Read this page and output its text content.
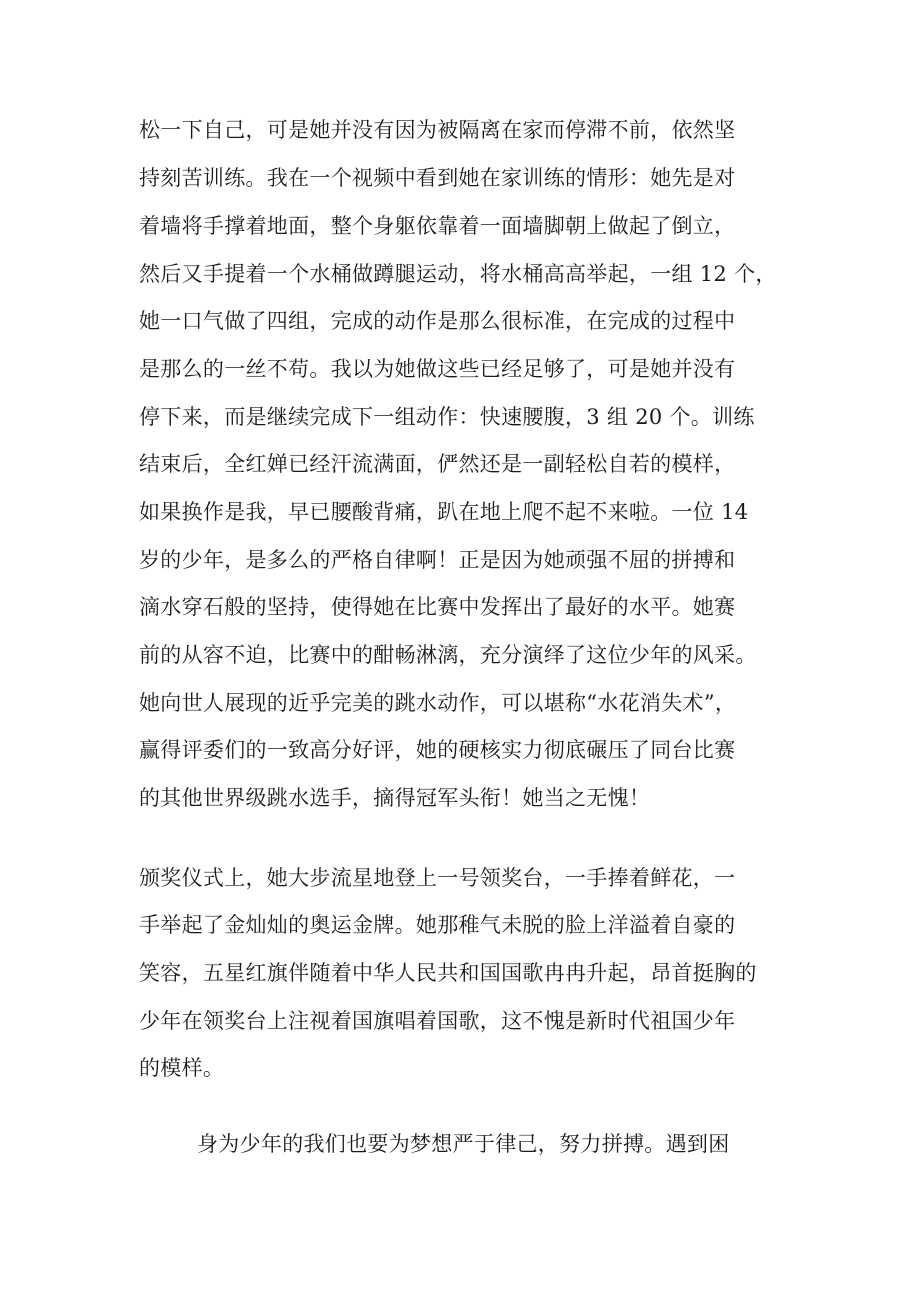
松一下自己，可是她并没有因为被隔离在家而停滞不前，依然坚
持刻苦训练。我在一个视频中看到她在家训练的情形：她先是对
着墙将手撑着地面，整个身躯依靠着一面墙脚朝上做起了倒立，
然后又手提着一个水桶做蹲腿运动，将水桶高高举起，一组 12 个，
她一口气做了四组，完成的动作是那么很标准，在完成的过程中
是那么的一丝不苟。我以为她做这些已经足够了，可是她并没有
停下来，而是继续完成下一组动作：快速腰腹，3 组 20 个。训练
结束后，全红婵已经汗流满面，俨然还是一副轻松自若的模样，
如果换作是我，早已腰酸背痛，趴在地上爬不起不来啦。一位 14
岁的少年，是多么的严格自律啊！正是因为她顽强不屈的拼搏和
滴水穿石般的坚持，使得她在比赛中发挥出了最好的水平。她赛
前的从容不迫，比赛中的酣畅淋漓，充分演绎了这位少年的风采。
她向世人展现的近乎完美的跳水动作，可以堪称“水花消失术”，
赢得评委们的一致高分好评，她的硬核实力彻底碾压了同台比赛
的其他世界级跳水选手，摘得冠军头衔！她当之无愧！
颁奖仪式上，她大步流星地登上一号领奖台，一手捧着鲜花，一
手举起了金灿灿的奥运金牌。她那稚气未脱的脸上洋溢着自豪的
笑容，五星红旗伴随着中华人民共和国国歌冉冉升起，昂首挺胸的
少年在领奖台上注视着国旗唱着国歌，这不愧是新时代祖国少年
的模样。
身为少年的我们也要为梦想严于律己，努力拼搏。遇到困
